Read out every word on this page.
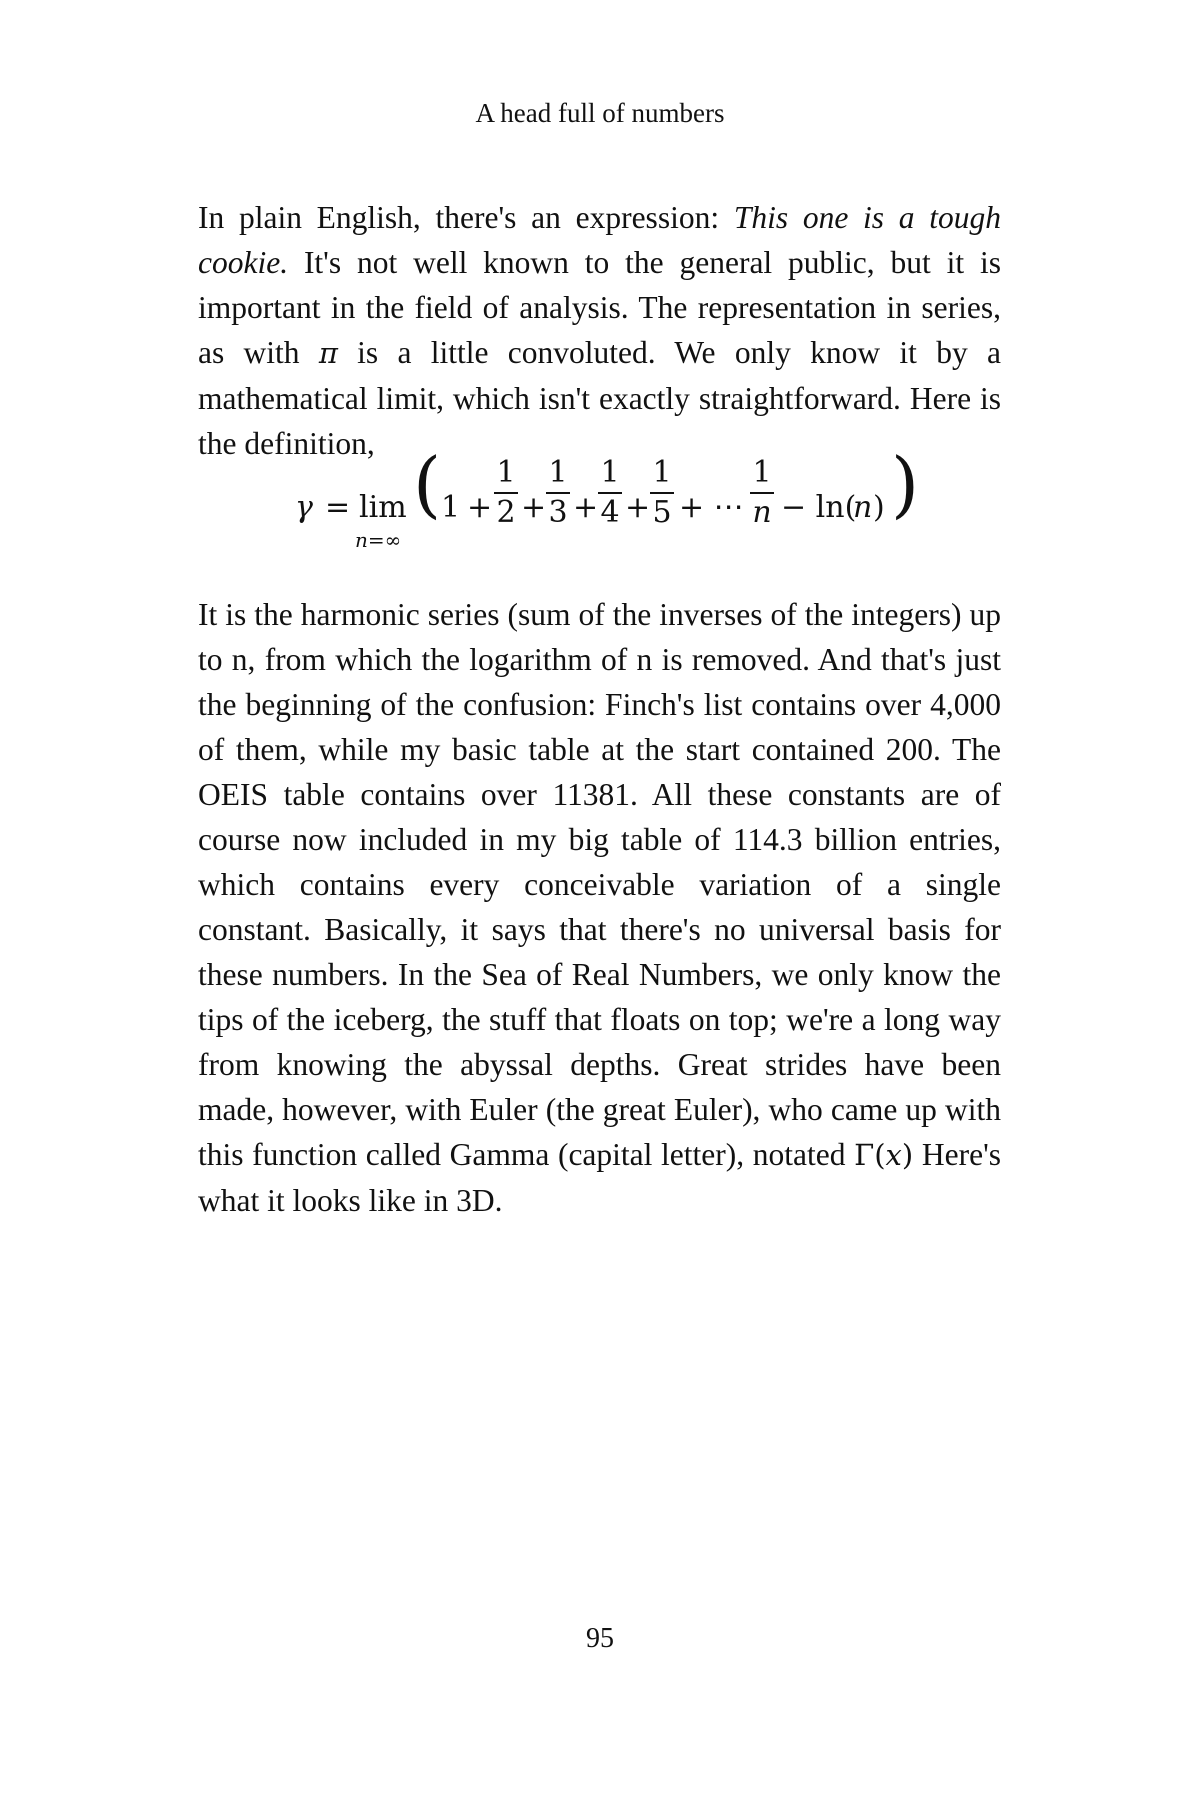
A head full of numbers
In plain English, there's an expression: This one is a tough cookie. It's not well known to the general public, but it is important in the field of analysis. The representation in series, as with π is a little convoluted. We only know it by a mathematical limit, which isn't exactly straightforward. Here is the definition,
γ = lim
n=∞
( 1 +
1
2 +
1
3 +
1
4 +
1
5 + ⋯
1
n − ln(
n ) )
It is the harmonic series (sum of the inverses of the integers) up to n, from which the logarithm of n is removed. And that's just the beginning of the confusion: Finch's list contains over 4,000 of them, while my basic table at the start contained 200. The OEIS table contains over 11381. All these constants are of course now included in my big table of 114.3 billion entries, which contains every conceivable variation of a single constant. Basically, it says that there's no universal basis for these numbers. In the Sea of Real Numbers, we only know the tips of the iceberg, the stuff that floats on top; we're a long way from knowing the abyssal depths. Great strides have been made, however, with Euler (the great Euler), who came up with this function called Gamma (capital letter), notated Γ(x) Here's what it looks like in 3D.
95
